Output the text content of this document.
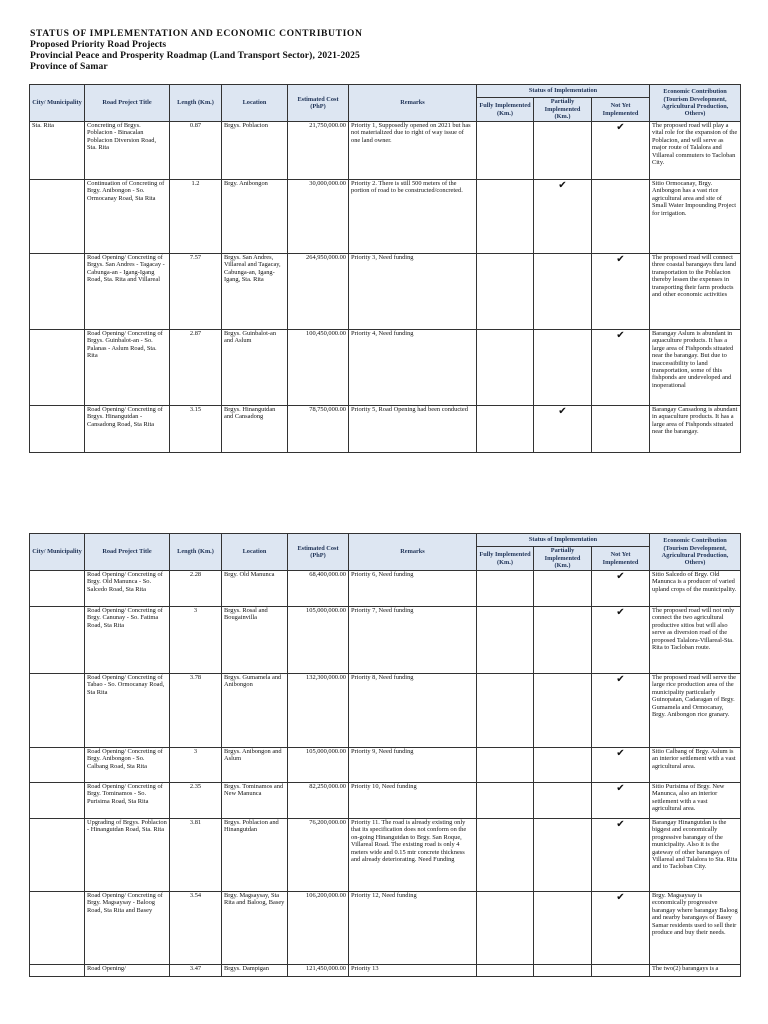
STATUS OF IMPLEMENTATION AND ECONOMIC CONTRIBUTION
Proposed Priority Road Projects
Provincial Peace and Prosperity Roadmap (Land Transport Sector), 2021-2025
Province of Samar
City/ Municipality	Road Project Title	Length (Km.)	Location	Estimated Cost (PhP)	Remarks	Status of Implementation			Economic Contribution (Tourism Development, Agricultural Production, Others)
						Fully Implemented (Km.)	Partially Implemented (Km.)	Not Yet Implemented	
Sta. Rita	Concreting of Brgys. Poblacion - Binacalan Poblacion Diversion Road, Sta. Rita	0.87	Brgys. Poblacion	21,750,000.00	Priority 1, Supposedly opened on 2021 but has not materialized due to right of way issue of one land owner.			✔	The proposed road will play a vital role for the expansion of the Poblacion, and will serve as major route of Talalora and Villareal commuters to Tacloban City.
	Continuation of Concreting of Brgy. Anibongon - So. Ormocanay Road, Sta Rita	1.2	Brgy. Anibongon	30,000,000.00	Priority 2. There is still 500 meters of the portion of road to be constructed/concreted.		✔		Sitio Ormocanay, Brgy. Anibongon has a vast rice agricultural area and site of Small Water Impounding Project for irrigation.
	Road Opening/ Concreting of Brgys. San Andres - Tagacay - Cabunga-an - Igang-Igang Road, Sta. Rita and Villareal	7.57	Brgys. San Andres, Villareal and Tagacay, Cabunga-an, Igang-Igang, Sta. Rita	264,950,000.00	Priority 3, Need funding			✔	The proposed road will connect three coastal barangays thru land transportation to the Poblacion thereby lessen the expenses in transporting their farm products and other economic activities
	Road Opening/ Concreting of Brgys. Guinbalot-an - So. Palanas - Aslum Road, Sta. Rita	2.87	Brgys. Guinbalot-an and Aslum	100,450,000.00	Priority 4, Need funding			✔	Barangay Aslum is abundant in aquaculture products. It has a large area of Fishponds situated near the barangay. But due to inaccessibility to land transportation, some of this fishponds are undeveloped and inoperational
	Road Opening/ Concreting of Brgys. Hinangutdan - Cansadong Road, Sta Rita	3.15	Brgys. Hinangutdan and Cansadong	78,750,000.00	Priority 5, Road Opening had been conducted		✔		Barangay Cansadong is abundant in aquaculture products. It has a large area of Fishponds situated near the barangay.
City/ Municipality	Road Project Title	Length (Km.)	Location	Estimated Cost (PhP)	Remarks	Status of Implementation			Economic Contribution (Tourism Development, Agricultural Production, Others)
						Fully Implemented (Km.)	Partially Implemented (Km.)	Not Yet Implemented	
	Road Opening/ Concreting of Brgy. Old Manunca - So. Salcedo Road, Sta Rita	2.28	Brgy. Old Manunca	68,400,000.00	Priority 6, Need funding			✔	Sitio Salcedo of Brgy. Old Manunca is a producer of varied upland crops of the municipality.
	Road Opening/ Concreting of Brgy. Canunay - So. Fatima Road, Sta Rita	3	Brgys. Rosal and Bougainvilla	105,000,000.00	Priority 7, Need funding			✔	The proposed road will not only connect the two agricultural productive sitios but will also serve as diversion road of the proposed Talalora-Villareal-Sta. Rita to Tacloban route.
	Road Opening/ Concreting of Tabao - So. Ormocanay Road, Sta Rita	3.78	Brgys. Gumamela and Anibongon	132,300,000.00	Priority 8, Need funding			✔	The proposed road will serve the large rice production area of the municipality particularly Guinopatan, Cadaragan of Brgy. Gumamela and Ormocanay, Brgy. Anibongon rice granary.
	Road Opening/ Concreting of Brgy. Anibongon - So. Calbang Road, Sta Rita	3	Brgys. Anibongon and Aslum	105,000,000.00	Priority 9, Need funding			✔	Sitio Calbang of Brgy. Aslum is an interior settlement with a vast agricultural area.
	Road Opening/ Concreting of Brgy. Tominamos - So. Purisima Road, Sta Rita	2.35	Brgys. Tominamos and New Manunca	82,250,000.00	Priority 10, Need funding			✔	Sitio Purisima of Brgy. New Manunca, also an interior settlement with a vast agricultural area.
	Upgrading of Brgys. Poblacion - Hinangutdan Road, Sta. Rita	3.81	Brgys. Poblacion and Hinangutdan	76,200,000.00	Priority 11. The road is already existing only that its specification does not conform on the on-going Hinangutdan to Brgy. San Roque, Villareal Road. The existing road is only 4 meters wide and 0.15 mtr concrete thickness and already deteriorating. Need Funding			✔	Barangay Hinangutdan is the biggest and economically progressive barangay of the municipality. Also it is the gateway of other barangays of Villareal and Talalora to Sta. Rita and to Tacloban City.
	Road Opening/ Concreting of Brgy. Magsaysay - Baloog Road, Sta Rita and Basey	3.54	Brgy. Magsaysay, Sta Rita and Baloog, Basey	106,200,000.00	Priority 12, Need funding			✔	Brgy. Magsaysay is economically progressive barangay where barangay Baloog and nearby barangays of Basey Samar residents used to sell their produce and buy their needs.
	Road Opening/	3.47	Brgys. Dampigan	121,450,000.00	Priority 13				The two(2) barangays is a
